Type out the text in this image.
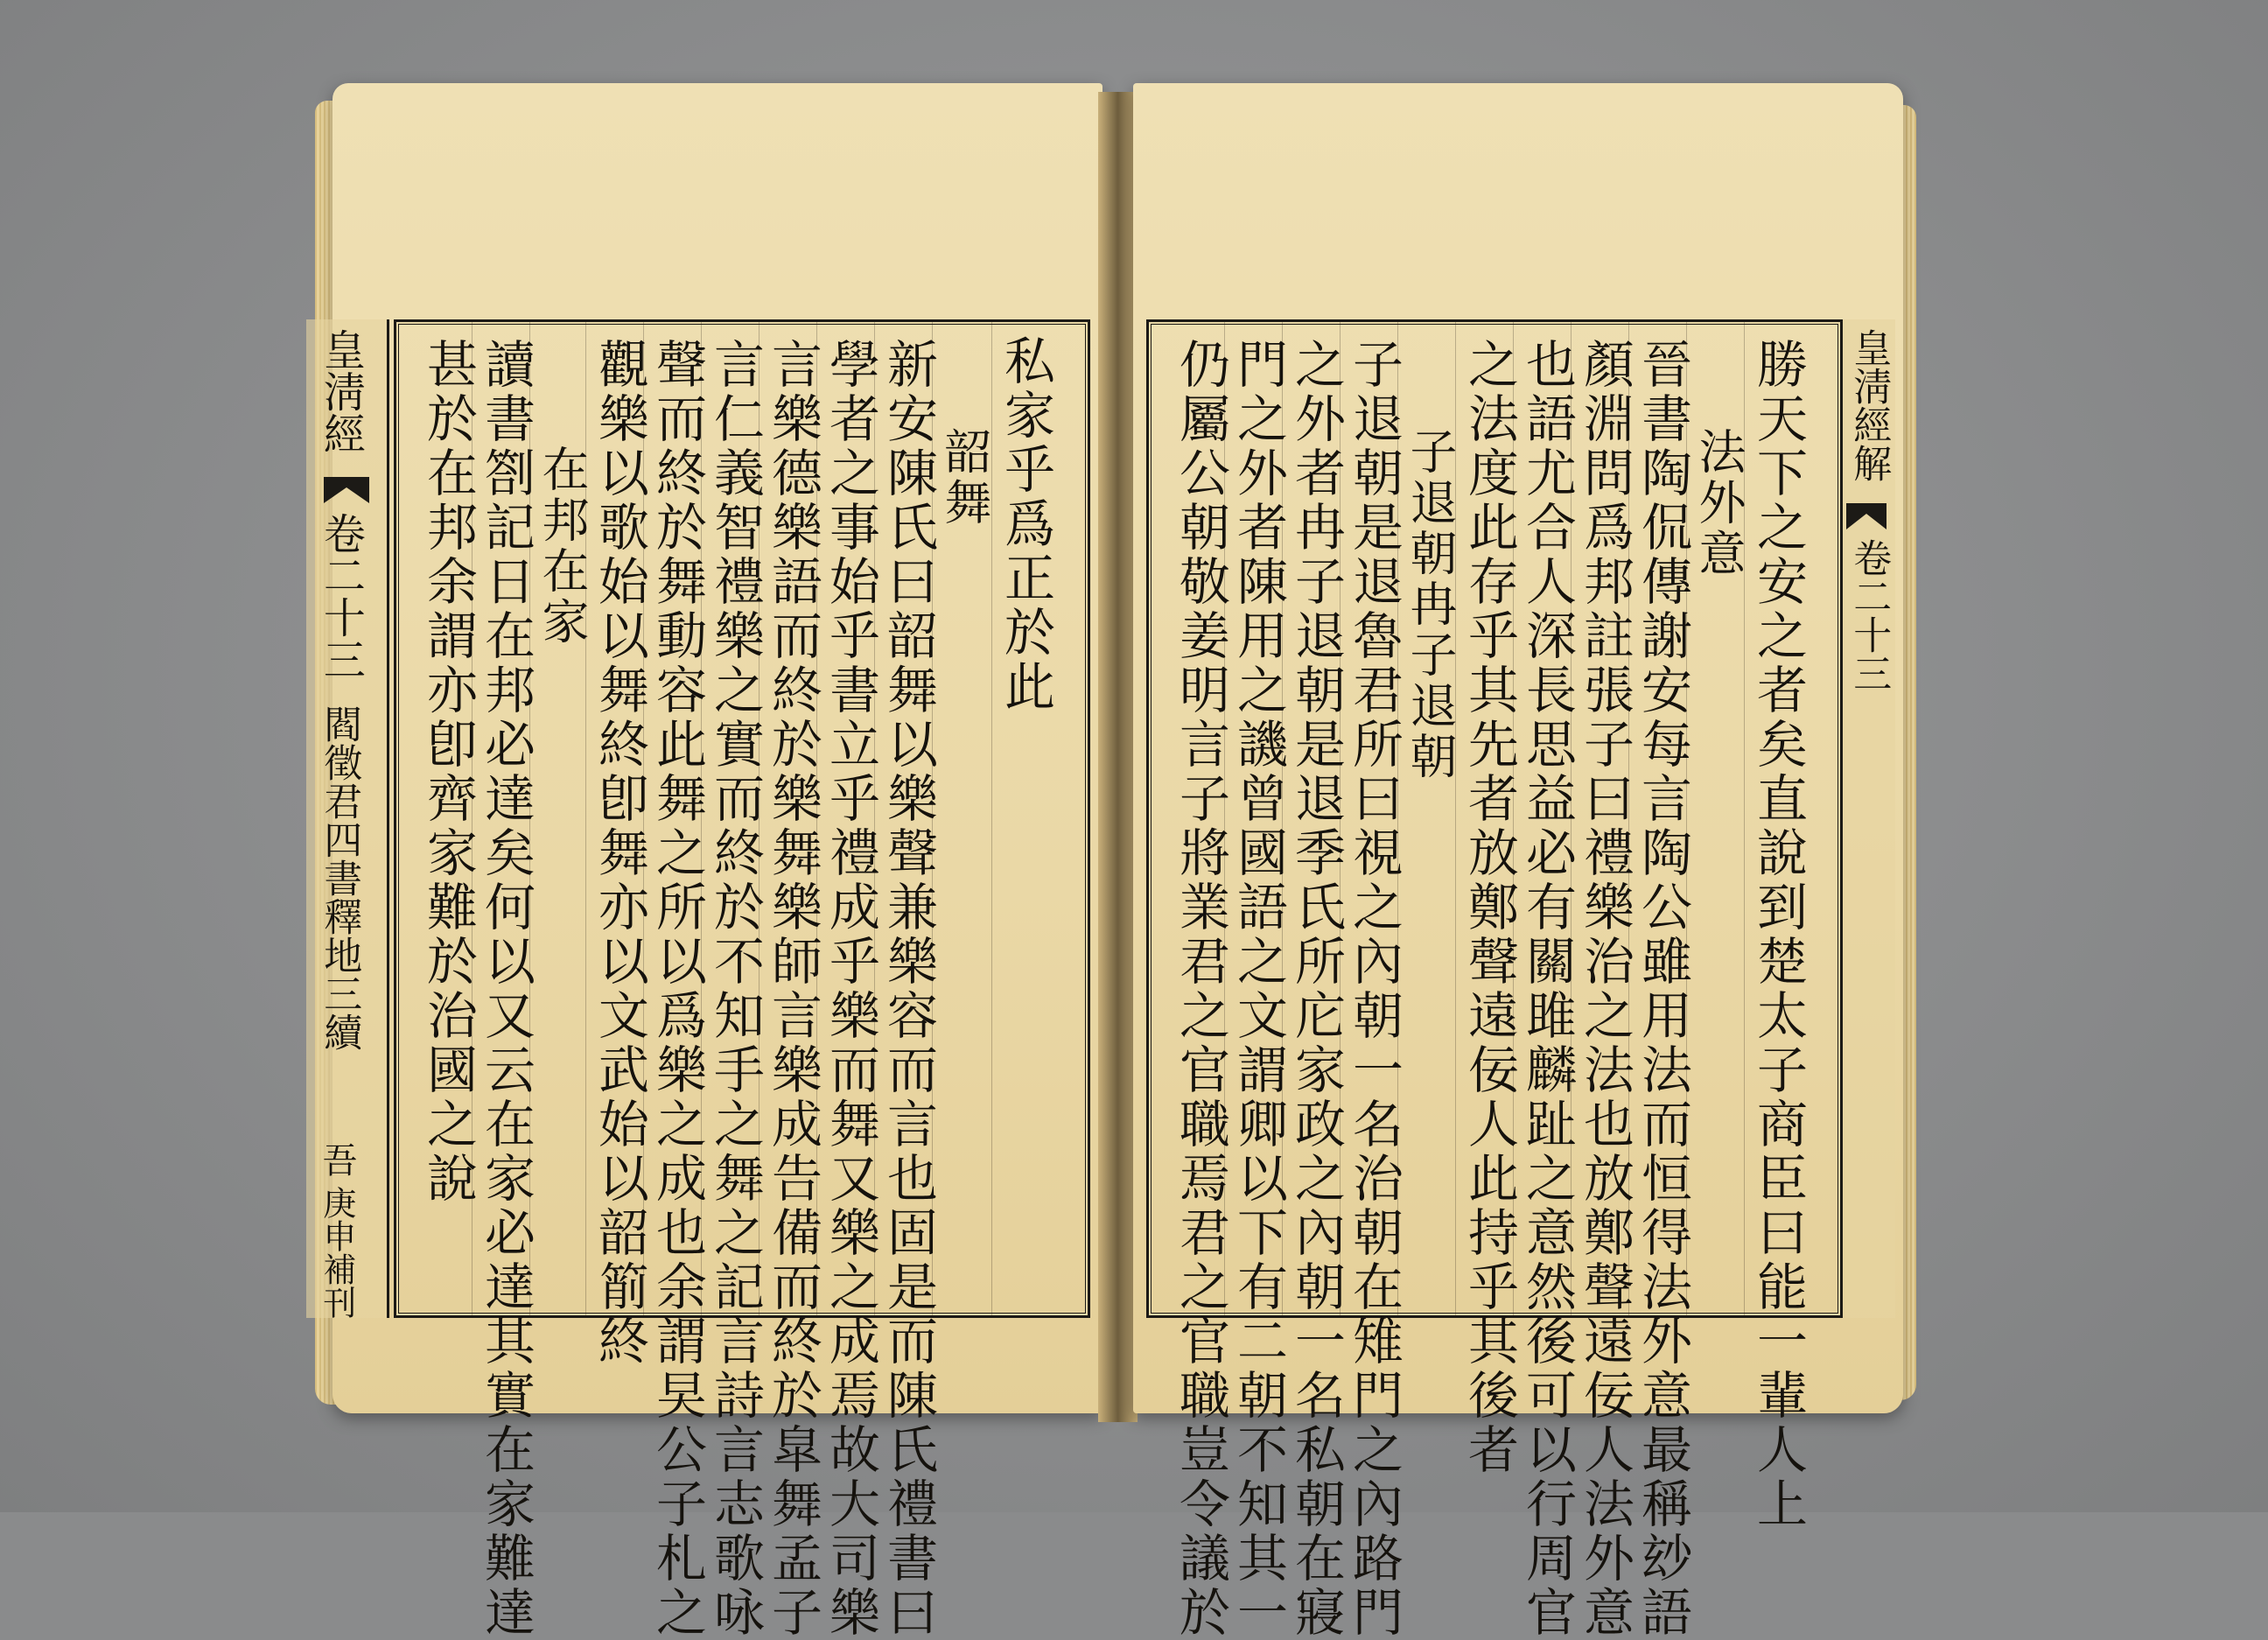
私家乎爲正於此
韶舞
新安陳氏曰韶舞以樂聲兼樂容而言也固是而陳氏禮書曰
學者之事始乎書立乎禮成乎樂而舞又樂之成焉故大司樂
言樂德樂語而終於樂舞樂師言樂成告備而終於皐舞孟子
言仁義智禮樂之實而終於不知手之舞之記言詩言志歌咏
聲而終於舞動容此舞之所以爲樂之成也余謂旲公子札之
觀樂以歌始以舞終卽舞亦以文武始以韶箾終
在邦在家
讀書劄記日在邦必達矣何以又云在家必達其實在家難達
甚於在邦余謂亦卽齊家難於治國之說
皇淸經
卷二十三
閻徵君四書釋地三續
吾
庚申補刊	勝天下之安之者矣直說到楚太子商臣曰能一輩人上
法外意
晉書陶侃傳謝安每言陶公雖用法而恒得法外意最稱玅語
顏淵問爲邦註張子曰禮樂治之法也放鄭聲遠佞人法外意
也語尤合人深長思益必有關雎麟趾之意然後可以行周官
之法度此存乎其先者放鄭聲遠佞人此持乎其後者
子退朝冉子退朝
子退朝是退魯君所曰視之內朝一名治朝在雉門之內路門
之外者冉子退朝是退季氏所庀家政之內朝一名私朝在寢
門之外者陳用之譏曾國語之文謂卿以下有二朝不知其一
仍屬公朝敬姜明言子將業君之官職焉君之官職豈令議於	皇淸經解
卷二十三
